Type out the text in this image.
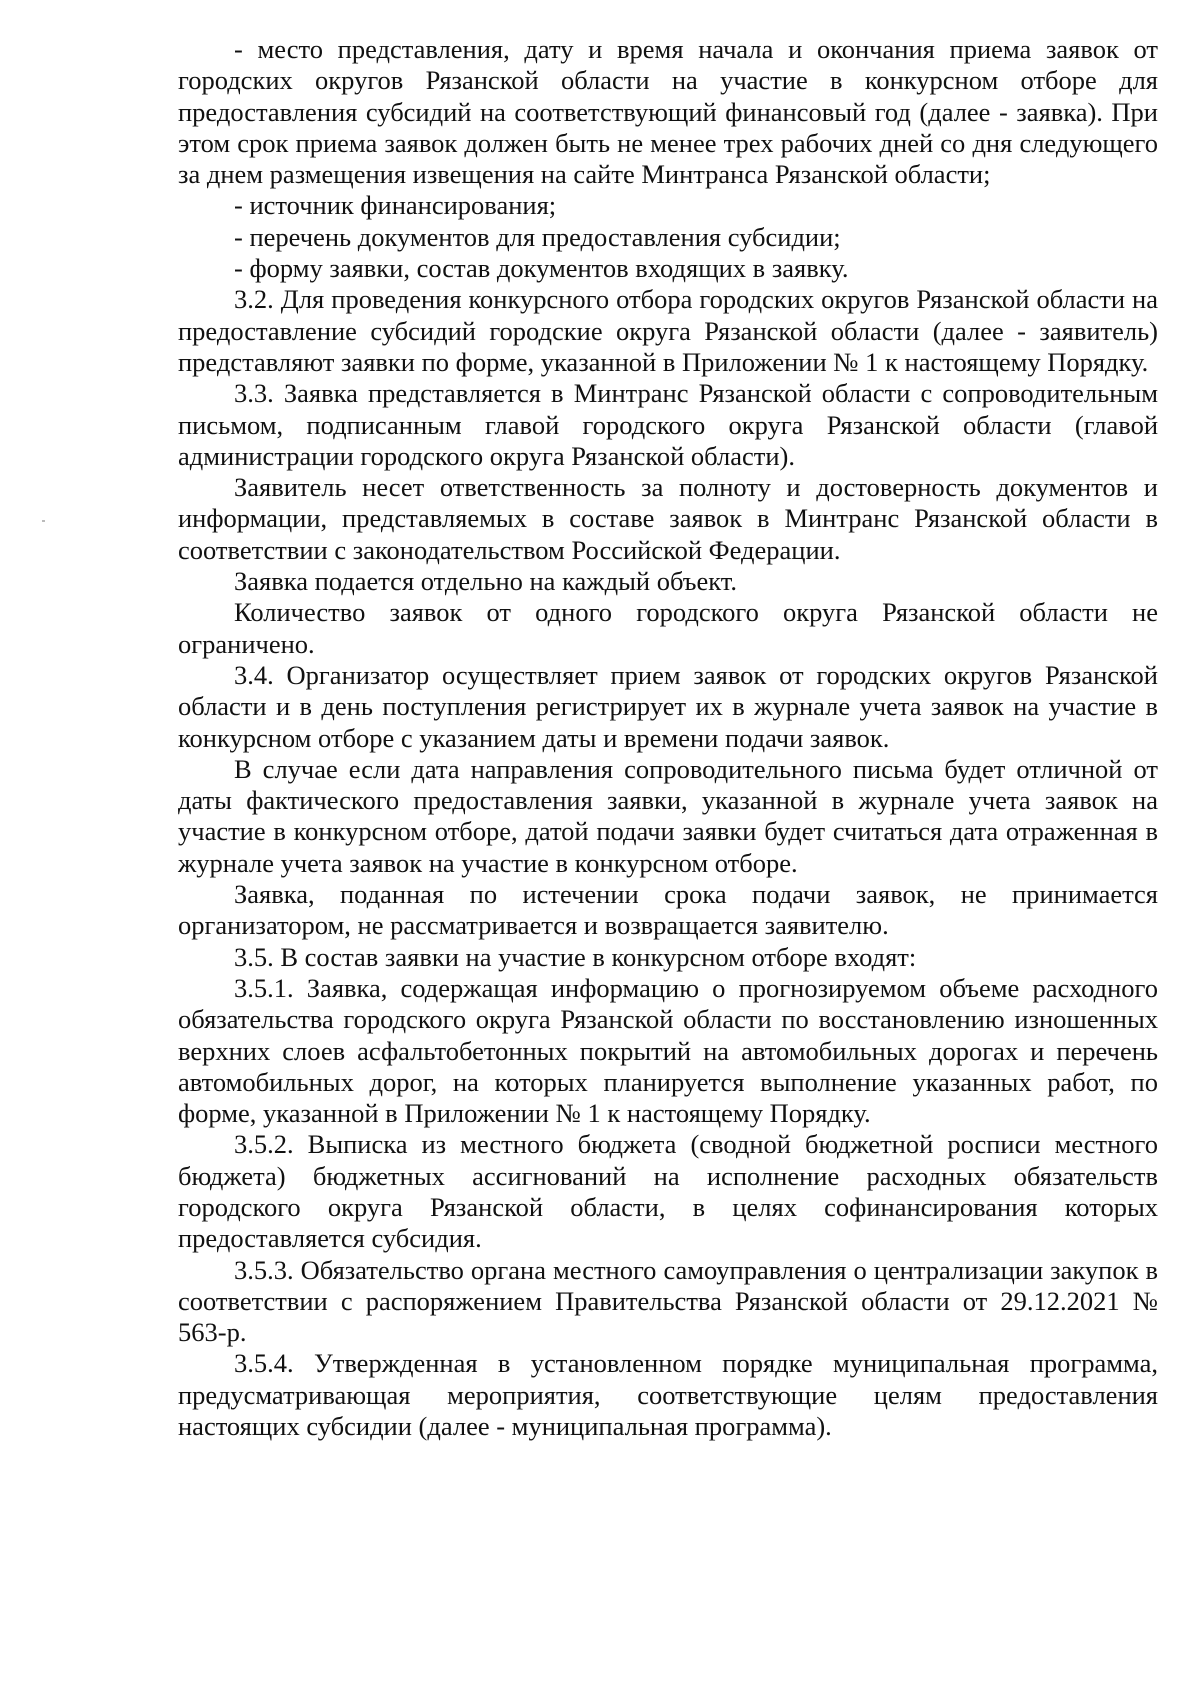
- место представления, дату и время начала и окончания приема заявок от городских округов Рязанской области на участие в конкурсном отборе для предоставления субсидий на соответствующий финансовый год (далее - заявка). При этом срок приема заявок должен быть не менее трех рабочих дней со дня следующего за днем размещения извещения на сайте Минтранса Рязанской области;

- источник финансирования;

- перечень документов для предоставления субсидии;

- форму заявки, состав документов входящих в заявку.

3.2. Для проведения конкурсного отбора городских округов Рязанской области на предоставление субсидий городские округа Рязанской области (далее - заявитель) представляют заявки по форме, указанной в Приложении № 1 к настоящему Порядку.

3.3. Заявка представляется в Минтранс Рязанской области с сопроводительным письмом, подписанным главой городского округа Рязанской области (главой администрации городского округа Рязанской области).

Заявитель несет ответственность за полноту и достоверность документов и информации, представляемых в составе заявок в Минтранс Рязанской области в соответствии с законодательством Российской Федерации.

Заявка подается отдельно на каждый объект.

Количество заявок от одного городского округа Рязанской области не ограничено.

3.4. Организатор осуществляет прием заявок от городских округов Рязанской области и в день поступления регистрирует их в журнале учета заявок на участие в конкурсном отборе с указанием даты и времени подачи заявок.

В случае если дата направления сопроводительного письма будет отличной от даты фактического предоставления заявки, указанной в журнале учета заявок на участие в конкурсном отборе, датой подачи заявки будет считаться дата отраженная в журнале учета заявок на участие в конкурсном отборе.

Заявка, поданная по истечении срока подачи заявок, не принимается организатором, не рассматривается и возвращается заявителю.

3.5. В состав заявки на участие в конкурсном отборе входят:

3.5.1. Заявка, содержащая информацию о прогнозируемом объеме расходного обязательства городского округа Рязанской области по восстановлению изношенных верхних слоев асфальтобетонных покрытий на автомобильных дорогах и перечень автомобильных дорог, на которых планируется выполнение указанных работ, по форме, указанной в Приложении № 1 к настоящему Порядку.

3.5.2. Выписка из местного бюджета (сводной бюджетной росписи местного бюджета) бюджетных ассигнований на исполнение расходных обязательств городского округа Рязанской области, в целях софинансирования которых предоставляется субсидия.

3.5.3. Обязательство органа местного самоуправления о централизации закупок в соответствии с распоряжением Правительства Рязанской области от 29.12.2021 № 563-р.

3.5.4. Утвержденная в установленном порядке муниципальная программа, предусматривающая мероприятия, соответствующие целям предоставления настоящих субсидии (далее - муниципальная программа).
